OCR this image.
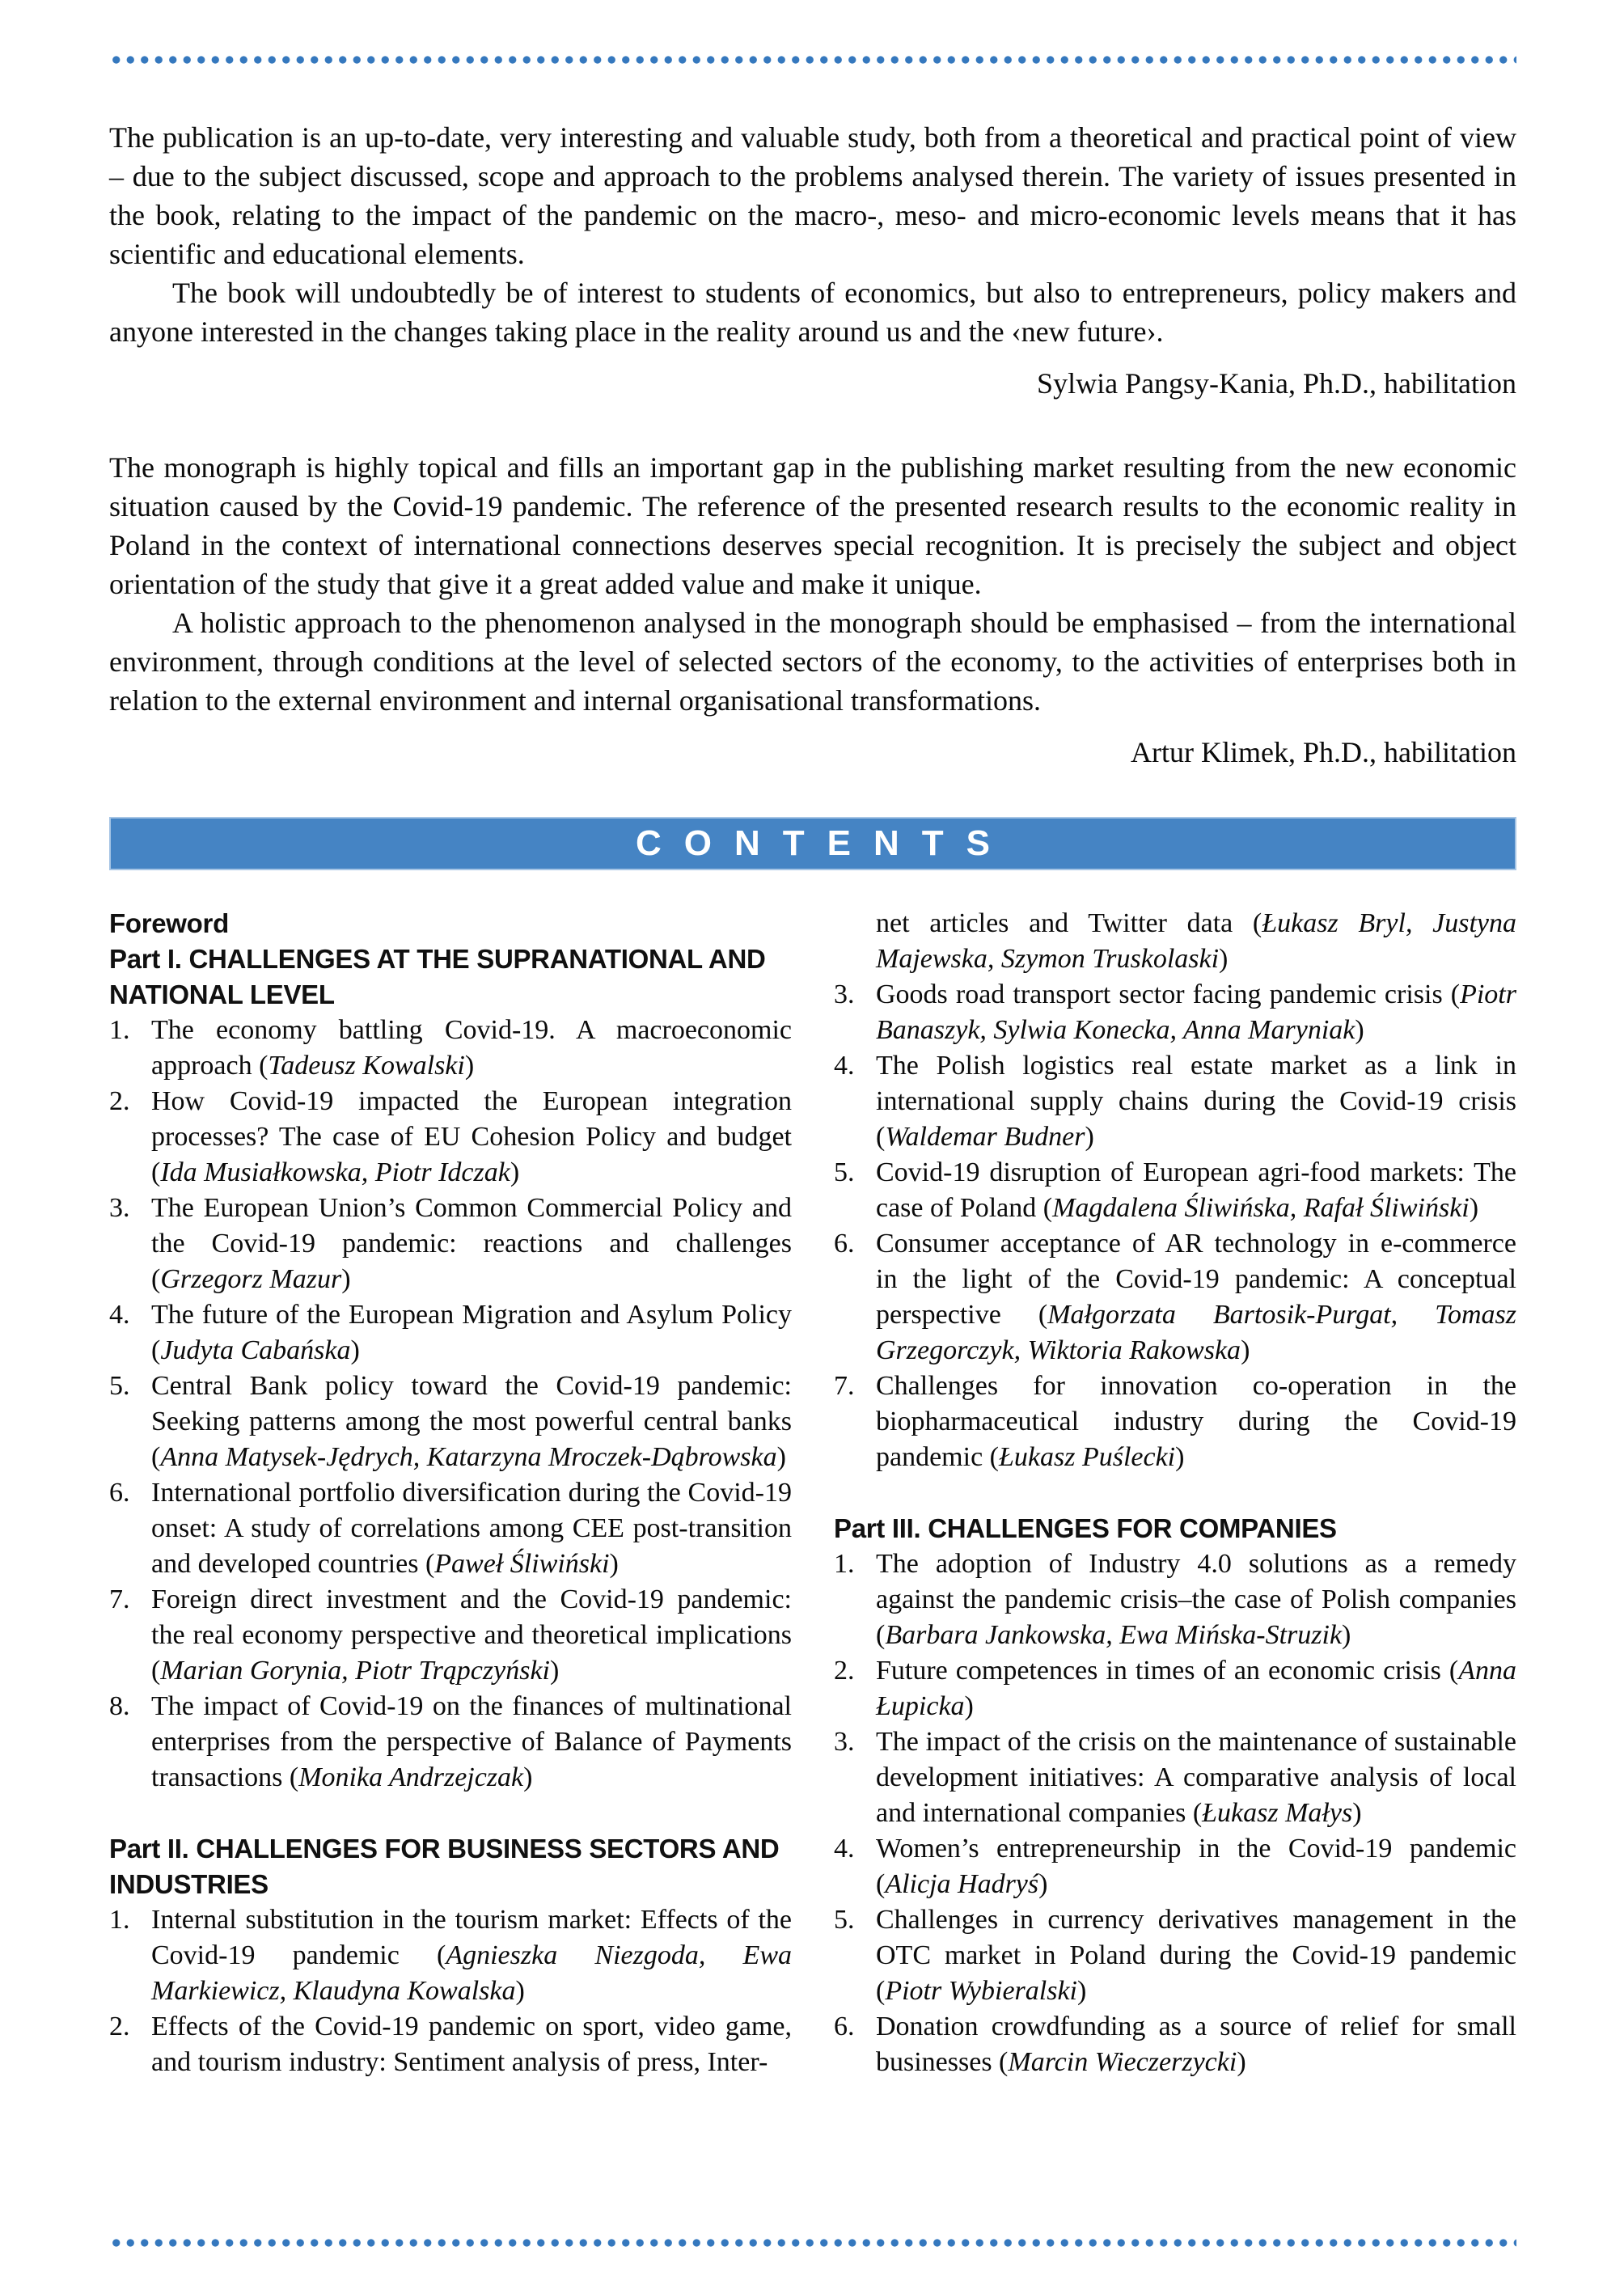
The publication is an up-to-date, very interesting and valuable study, both from a theoretical and practical point of view – due to the subject discussed, scope and approach to the problems analysed therein. The variety of issues presented in the book, relating to the impact of the pandemic on the macro-, meso- and micro-economic levels means that it has scientific and educational elements.

The book will undoubtedly be of interest to students of economics, but also to entrepreneurs, policy makers and anyone interested in the changes taking place in the reality around us and the ‹new future›.

Sylwia Pangsy-Kania, Ph.D., habilitation

The monograph is highly topical and fills an important gap in the publishing market resulting from the new economic situation caused by the Covid-19 pandemic. The reference of the presented research results to the economic reality in Poland in the context of international connections deserves special recognition. It is precisely the subject and object orientation of the study that give it a great added value and make it unique.

A holistic approach to the phenomenon analysed in the monograph should be emphasised – from the international environment, through conditions at the level of selected sectors of the economy, to the activities of enterprises both in relation to the external environment and internal organisational transformations.

Artur Klimek, Ph.D., habilitation

CONTENTS
Foreword
Part I. CHALLENGES AT THE SUPRANATIONAL AND NATIONAL LEVEL
1. The economy battling Covid-19. A macroeconomic approach (Tadeusz Kowalski)
2. How Covid-19 impacted the European integration processes? The case of EU Cohesion Policy and budget (Ida Musiałkowska, Piotr Idczak)
3. The European Union’s Common Commercial Policy and the Covid-19 pandemic: reactions and challenges (Grzegorz Mazur)
4. The future of the European Migration and Asylum Policy (Judyta Cabańska)
5. Central Bank policy toward the Covid-19 pandemic: Seeking patterns among the most powerful central banks (Anna Matysek-Jędrych, Katarzyna Mroczek-Dąbrowska)
6. International portfolio diversification during the Covid-19 onset: A study of correlations among CEE post-transition and developed countries (Paweł Śliwiński)
7. Foreign direct investment and the Covid-19 pandemic: the real economy perspective and theoretical implications (Marian Gorynia, Piotr Trąpczyński)
8. The impact of Covid-19 on the finances of multinational enterprises from the perspective of Balance of Payments transactions (Monika Andrzejczak)
Part II. CHALLENGES FOR BUSINESS SECTORS AND INDUSTRIES
1. Internal substitution in the tourism market: Effects of the Covid-19 pandemic (Agnieszka Niezgoda, Ewa Markiewicz, Klaudyna Kowalska)
2. Effects of the Covid-19 pandemic on sport, video game, and tourism industry: Sentiment analysis of press, Inter-
net articles and Twitter data (Łukasz Bryl, Justyna Majewska, Szymon Truskolaski)
3. Goods road transport sector facing pandemic crisis (Piotr Banaszyk, Sylwia Konecka, Anna Maryniak)
4. The Polish logistics real estate market as a link in international supply chains during the Covid-19 crisis (Waldemar Budner)
5. Covid-19 disruption of European agri-food markets: The case of Poland (Magdalena Śliwińska, Rafał Śliwiński)
6. Consumer acceptance of AR technology in e-commerce in the light of the Covid-19 pandemic: A conceptual perspective (Małgorzata Bartosik-Purgat, Tomasz Grzegorczyk, Wiktoria Rakowska)
7. Challenges for innovation co-operation in the biopharmaceutical industry during the Covid-19 pandemic (Łukasz Puślecki)
Part III. CHALLENGES FOR COMPANIES
1. The adoption of Industry 4.0 solutions as a remedy against the pandemic crisis–the case of Polish companies (Barbara Jankowska, Ewa Mińska-Struzik)
2. Future competences in times of an economic crisis (Anna Łupicka)
3. The impact of the crisis on the maintenance of sustainable development initiatives: A comparative analysis of local and international companies (Łukasz Małys)
4. Women’s entrepreneurship in the Covid-19 pandemic (Alicja Hadryś)
5. Challenges in currency derivatives management in the OTC market in Poland during the Covid-19 pandemic (Piotr Wybieralski)
6. Donation crowdfunding as a source of relief for small businesses (Marcin Wieczerzycki)
